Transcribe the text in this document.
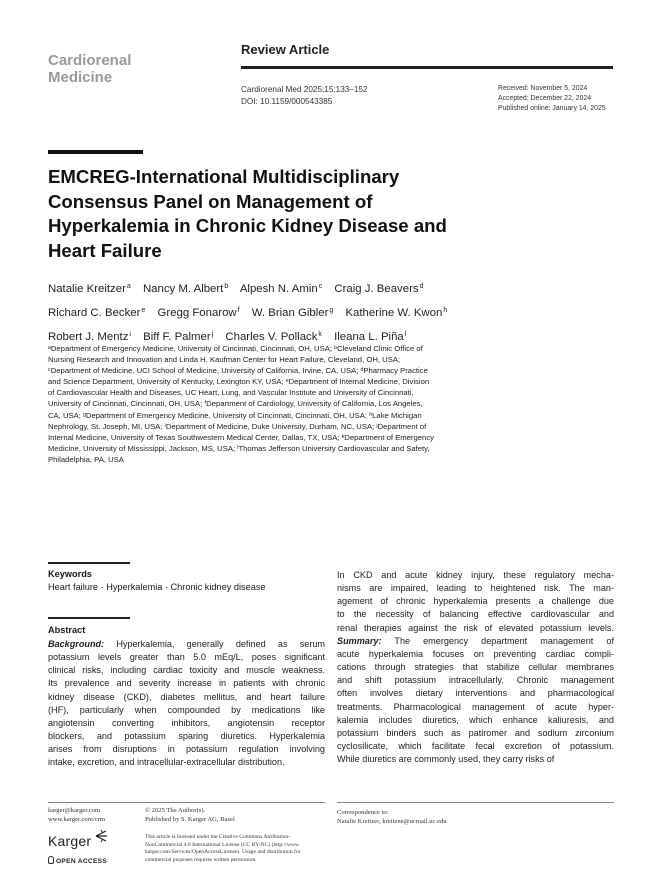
Cardiorenal
Medicine
Review Article
Cardiorenal Med 2025;15:133–152
DOI: 10.1159/000543385
Received: November 5, 2024
Accepted: December 22, 2024
Published online: January 14, 2025
EMCREG-International Multidisciplinary
Consensus Panel on Management of
Hyperkalemia in Chronic Kidney Disease and
Heart Failure
Natalie Kreitzer$^a$ Nancy M. Albert$^b$ Alpesh N. Amin$^c$ Craig J. Beavers$^d$
Richard C. Becker$^e$ Gregg Fonarow$^f$ W. Brian Gibler$^g$ Katherine W. Kwon$^h$
Robert J. Mentz$^i$ Biff F. Palmer$^j$ Charles V. Pollack$^k$ Ileana L. Piña$^l$
ᵃDepartment of Emergency Medicine, University of Cincinnati, Cincinnati, OH, USA; ᵇCleveland Clinic Office of
Nursing Research and Innovation and Linda H. Kaufman Center for Heart Failure, Cleveland, OH, USA;
ᶜDepartment of Medicine, UCI School of Medicine, University of California, Irvine, CA, USA; ᵈPharmacy Practice
and Science Department, University of Kentucky, Lexington KY, USA; ᵉDepartment of Internal Medicine, Division
of Cardiovascular Health and Diseases, UC Heart, Lung, and Vascular Institute and University of Cincinnati,
University of Cincinnati, Cincinnati, OH, USA; ᶠDepartment of Cardiology, University of California, Los Angeles,
CA, USA; ᵍDepartment of Emergency Medicine, University of Cincinnati, Cincinnati, OH, USA; ʰLake Michigan
Nephrology, St. Joseph, MI, USA; ⁱDepartment of Medicine, Duke University, Durham, NC, USA; ʲDepartment of
Internal Medicine, University of Texas Southwestern Medical Center, Dallas, TX, USA; ᵏDepartment of Emergency
Medicine, University of Mississippi, Jackson, MS, USA; ˡThomas Jefferson University Cardiovascular and Safety,
Philadelphia, PA, USA
Keywords
Heart failure · Hyperkalemia · Chronic kidney disease
Abstract
Background: Hyperkalemia, generally defined as serum
potassium levels greater than 5.0 mEq/L, poses significant
clinical risks, including cardiac toxicity and muscle weakness.
Its prevalence and severity increase in patients with chronic
kidney disease (CKD), diabetes mellitus, and heart failure
(HF), particularly when compounded by medications like
angiotensin converting inhibitors, angiotensin receptor
blockers, and potassium sparing diuretics. Hyperkalemia
arises from disruptions in potassium regulation involving
intake, excretion, and intracellular-extracellular distribution.
In CKD and acute kidney injury, these regulatory mecha-
nisms are impaired, leading to heightened risk. The man-
agement of chronic hyperkalemia presents a challenge due
to the necessity of balancing effective cardiovascular and
renal therapies against the risk of elevated potassium levels.
Summary: The emergency department management of
acute hyperkalemia focuses on preventing cardiac compli-
cations through strategies that stabilize cellular membranes
and shift potassium intracellularly. Chronic management
often involves dietary interventions and pharmacological
treatments. Pharmacological management of acute hyper-
kalemia includes diuretics, which enhance kaliuresis, and
potassium binders such as patiromer and sodium zirconium
cyclosilicate, which facilitate fecal excretion of potassium.
While diuretics are commonly used, they carry risks of
karger@karger.com
www.karger.com/crm
© 2025 The Author(s).
Published by S. Karger AG, Basel
This article is licensed under the Creative Commons Attribution-
NonCommercial 4.0 International License (CC BY-NC) (http://www.
karger.com/Services/OpenAccessLicense). Usage and distribution for
commercial purposes requires written permission.
Correspondence to:
Natalie Kreitzer, kreitzne@ucmail.uc.edu
Karger
OPEN ACCESS
